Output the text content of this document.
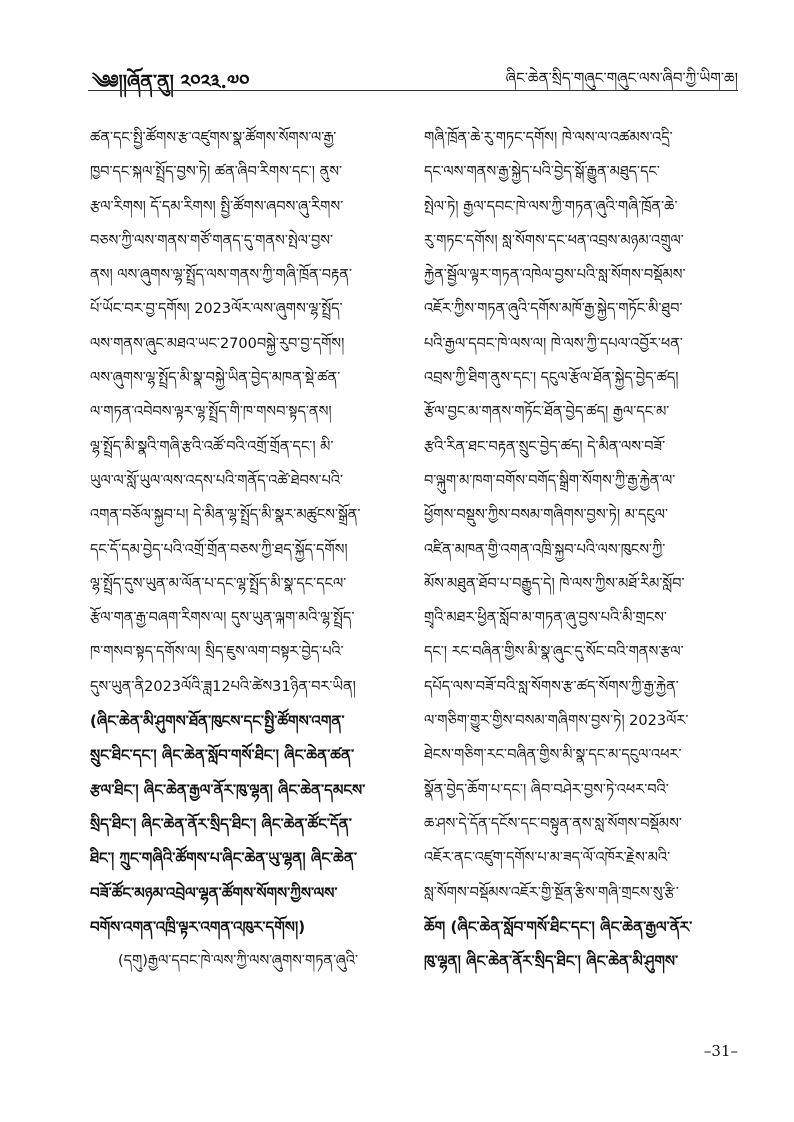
༄༅།།ཞོན་ནུ། ༢༠༢༣.༧༠	ཞིང་ཆེན་སྲིད་གཞུང་གཞུང་ལས་ཞིབ་ཀྱི་ཡིག་ཆ།
ཚན་དང་སྤྱི་ཚོགས་རྩ་འཛུགས་སྣ་ཚོགས་སོགས་ལ་རྒྱ་
ཁྱབ་དང་སྐལ་སྤྲོད་བྱས་ཏེ། ཚན་ཞིབ་རིགས་དང་། ནུས་
རྩལ་རིགས། དོ་དམ་རིགས། སྤྱི་ཚོགས་ཞབས་ཞུ་རིགས་
བཅས་ཀྱི་ལས་གནས་གཙོ་གནད་དུ་གནས་སྤེལ་བྱས་
ནས། ལས་ཞུགས་ལྷ་སྤྲོད་ལས་གནས་ཀྱི་གཞི་ཁྲོན་བརྟན་
པོ་ཡོང་བར་བྱ་དགོས། 2023ལོར་ལས་ཞུགས་ལྷ་སྤྲོད་
ལས་གནས་ཞུང་མཐའ་ཡང་2700བསྐྱེ་རུབ་བྱ་དགོས།
ལས་ཞུགས་ལྷ་སྤྲོད་མི་སྣ་བསྐྱེ་ཡིན་བྱེད་མཁན་སྡེ་ཚན་
ལ་གཏན་འབེབས་ལྟར་ལྷ་སྤྲོད་གི་ཁ་གསབ་སྟད་ནས།
ལྷ་སྤྲོད་མི་སྣའི་གཞི་རྩའི་འཚོ་བའི་འགྲོ་གྲོན་དང་། མི་
ཡུལ་ལ་སློ་ཡུལ་ལས་འདས་པའི་གནོད་འཚེ་ཐེབས་པའི་
འགན་བཅོལ་སྐྱབ་པ། དེ་མིན་ལྷ་སྤྲོད་མི་སྣར་མཚུངས་སྒྲོན་
དང་དོ་དམ་བྱེད་པའི་འགྲོ་གྲོན་བཅས་ཀྱི་ཐད་སྐྱོད་དགོས།
ལྷ་སྤྲོད་དུས་ཡུན་མ་ལོན་པ་དང་ལྷ་སྤྲོད་མི་སྣ་དང་དངལ་
རྩོལ་གན་རྒྱ་བཞག་རིགས་ལ། དུས་ཡུན་ལྐག་མའི་ལྷ་སྤྲོད་
ཁ་གསབ་སྟད་དགོས་ལ། སྲིད་ཇུས་ལག་བསྟར་བྱེད་པའི་
དུས་ཡུན་ནི2023ལོའི་ཟླ12པའི་ཚེས31ཉིན་བར་ཡིན།
(ཞིང་ཆེན་མི་ཤུགས་ཐོན་ཁུངས་དང་སྤྱི་ཚོགས་འགན་
སྲུང་ཐིང་དང་། ཞིང་ཆེན་སློབ་གསོ་ཐིང་། ཞིང་ཆེན་ཚན་
རྩལ་ཐིང་། ཞིང་ཆེན་རྒྱལ་ནོར་ཁུ་ལྷན། ཞིང་ཆེན་དམངས་
སྲིད་ཐིང་། ཞིང་ཆེན་ནོར་སྲིད་ཐིང་། ཞིང་ཆེན་ཚོང་དོན་
ཐིང་། ཀྲུང་གཞིའི་ཚོགས་པ་ཞིང་ཆེན་ཡུ་ལྷན། ཞིང་ཆེན་
བཟོ་ཚོང་མཉམ་འབྲེལ་ལྷན་ཚོགས་སོགས་ཀྱིས་ལས་
བགོས་འགན་འཁྲི་ལྟར་འགན་འཁུར་དགོས།)
(དགུ)རྒྱལ་དབང་ཁེ་ལས་ཀྱི་ལས་ཞུགས་གཏན་ཞུའི་
གཞི་ཁྲོན་ཆེ་རུ་གཏང་དགོས། ཁེ་ལས་ལ་འཚམས་འདྲི་
དང་ལས་གནས་རྒྱ་སྐྱེད་པའི་བྱེད་སྒོ་རྒྱུན་མཐུད་དང་
སྤེལ་ཏེ། རྒྱལ་དབང་ཁེ་ལས་ཀྱི་གཏན་ཞུའི་གཞི་ཁྲོན་ཆེ་
རུ་གཏང་དགོས། སླ་སོགས་དང་ཕན་འབྲས་མཉམ་འགྲུལ་
རྐྱེན་སྦྱོལ་ལྟར་གཏན་འཁེལ་བྱས་པའི་སླ་སོགས་བསྡོམས་
འཇོར་ཀྱིས་གཏན་ཞུའི་དགོས་མཁོ་རྒྱ་སྐྱེད་གཏོང་མི་ཐུབ་
པའི་རྒྱལ་དབང་ཁེ་ལས་ལ། ཁེ་ལས་ཀྱི་དཔལ་འབྱོར་ཕན་
འབྲས་ཀྱི་ཐིག་ནུས་དང་། དངུལ་རྩོལ་ཐོན་སྐྱེད་བྱེད་ཚད།
རྩོལ་བྱང་མ་གནས་གཏོང་ཐོན་བྱེད་ཚད། རྒྱལ་དང་མ་
རྩའི་རིན་ཐང་བརྟན་སྲུང་བྱེད་ཚད། དེ་མིན་ལས་བཟོ་
བ་ལྐུག་མ་ཁག་བགོས་བགོད་སྒྲིག་སོགས་ཀྱི་རྒྱ་རྐྱེན་ལ་
ཕྱོགས་བསྡུས་ཀྱིས་བསམ་གཞིགས་བྱས་ཏེ། མ་དངུལ་
འཛིན་མཁན་གྱི་འགན་འཁྲི་སྐྱབ་པའི་ལས་ཁུངས་ཀྱི་
མོས་མཐུན་ཐོབ་པ་བརྒྱུད་དེ། ཁེ་ལས་ཀྱིས་མཐོ་རིམ་སློབ་
གྲྭའི་མཐར་ཕྱིན་སློབ་མ་གཏན་ཞུ་བྱས་པའི་མི་གྲངས་
དང་། རང་བཞིན་གྱིས་མི་སྣ་ཞུང་དུ་སོང་བའི་གནས་རྩལ་
དཔོད་ལས་བཟོ་བའི་སླ་སོགས་རྩ་ཚད་སོགས་ཀྱི་རྒྱ་རྐྱེན་
ལ་གཅིག་གྱུར་གྱིས་བསམ་གཞིགས་བྱས་ཏེ། 2023ལོར་
ཐེངས་གཅིག་རང་བཞིན་གྱིས་མི་སྣ་དང་མ་དངུལ་འཕར་
སྣོན་བྱེད་ཆོག་པ་དང་། ཞིབ་བཤེར་བྱས་ཏེ་འཕར་བའི་
ཆ་ཤས་དེ་དོན་དངོས་དང་བསྟུན་ནས་སླ་སོགས་བསྡོམས་
འཇོར་ནང་འཛུག་དགོས་པ་མ་ཟད་ལོ་འཁོར་རྗེས་མའི་
སླ་སོགས་བསྡོམས་འཇོར་གྱི་སྔོན་རྩིས་གཞི་གྲངས་སུ་རྩི་
ཆོག (ཞིང་ཆེན་སློབ་གསོ་ཐིང་དང་། ཞིང་ཆེན་རྒྱལ་ནོར་
ཁུ་ལྷན། ཞིང་ཆེན་ནོར་སྲིད་ཐིང་། ཞིང་ཆེན་མི་ཤུགས་
–31–
